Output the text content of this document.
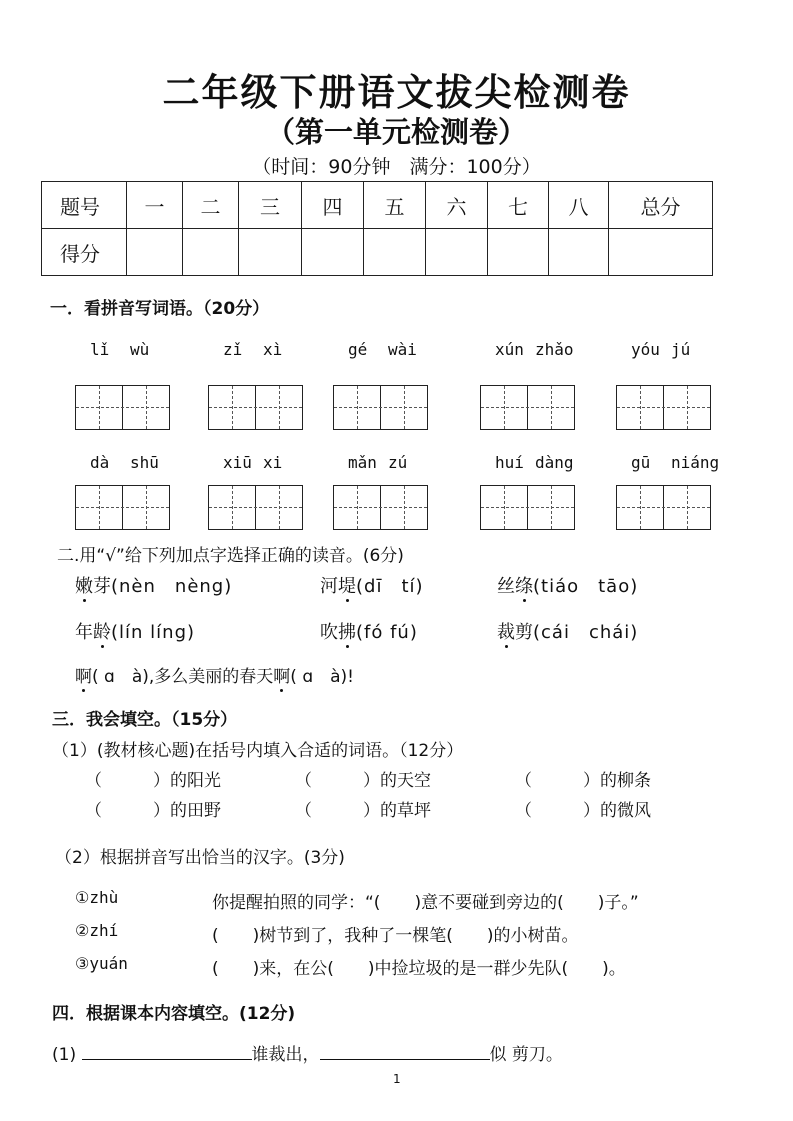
二年级下册语文拔尖检测卷
（第一单元检测卷）
（时间：90分钟　满分：100分）
题号	一	二	三	四	五	六	七	八	总分
得分									
一．看拼音写词语。（20分）
lǐ wù	zǐ xì	gé wài	xún zhǎo	yóu jú
dà shū	xiū xi	mǎn zú	huí dàng	gū niáng
二.用“√”给下列加点字选择正确的读音。(6分)
嫩芽(nèn　nèng)	河堤(dī　tí)	丝绦(tiáo　tāo)
年龄(lín líng)	吹拂(fó fú)	裁剪(cái　chái)
啊( ɑ　à),多么美丽的春天啊( ɑ　à)!
三．我会填空。（15分）
（1）(教材核心题)在括号内填入合适的词语。（12分）
（	）的阳光	（	）的天空	（	）的柳条
（	）的田野	（	）的草坪	（	）的微风
（2）根据拼音写出恰当的汉字。(3分)
①zhù	你提醒拍照的同学：“(　　)意不要碰到旁边的(　　)子。”
②zhí	(　　)树节到了，我种了一棵笔(　　)的小树苗。
③yuán	(　　)来，在公(　　)中捡垃圾的是一群少先队(　　)。
四．根据课本内容填空。(12分)
(1)	谁裁出，	似 剪刀。
1
